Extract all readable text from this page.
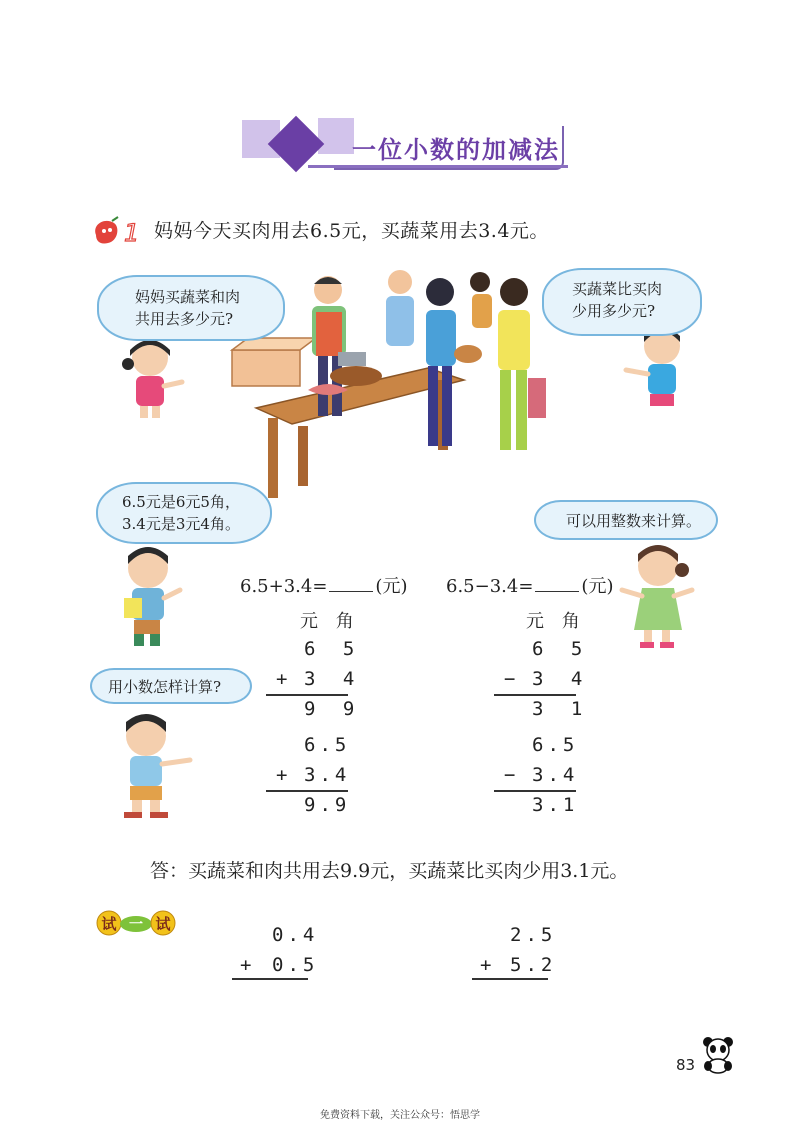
一位小数的加减法
1 妈妈今天买肉用去6.5元，买蔬菜用去3.4元。
妈妈买蔬菜和肉
共用去多少元?
买蔬菜比买肉
少用多少元?
6.5元是6元5角，
3.4元是3元4角。	可以用整数来计算。
用小数怎样计算?
6.5+3.4=	(元) 6.5−3.4=	(元)
元 角
6 5
+ 3 4
9 9
元 角
6 5
− 3 4
3 1
6.5
+ 3.4
9.9
6.5
− 3.4
3.1
答：买蔬菜和肉共用去9.9元，买蔬菜比买肉少用3.1元。
试 一 试	0.4
+ 0.5
2.5
+ 5.2
83
免费资料下载，关注公众号：悟思学
